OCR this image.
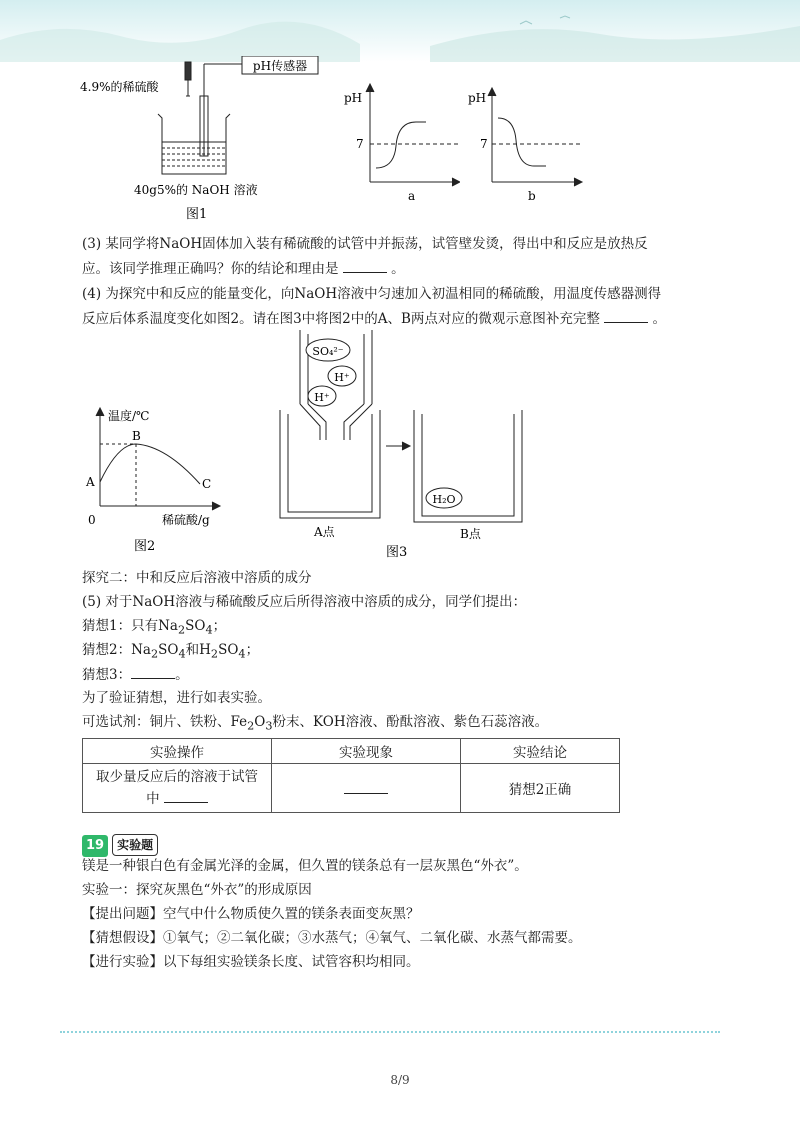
pH传感器
4.9%的稀硫酸
40g5%的 NaOH 溶液
图1
pH
7
a
pH
7
b
(3) 某同学将NaOH固体加入装有稀硫酸的试管中并振荡，试管壁发烫，得出中和反应是放热反
应。该同学推理正确吗？你的结论和理由是	。
(4) 为探究中和反应的能量变化，向NaOH溶液中匀速加入初温相同的稀硫酸，用温度传感器测得
反应后体系温度变化如图2。请在图3中将图2中的A、B两点对应的微观示意图补充完整	。
温度/℃
A
B
C
0	稀硫酸/g
图2
SO₄²⁻
H⁺
H⁺
H₂O
A点	B点
图3
探究二：中和反应后溶液中溶质的成分
(5) 对于NaOH溶液与稀硫酸反应后所得溶液中溶质的成分，同学们提出：
猜想1：只有$Na_2SO_4$；
猜想2：$Na_2SO_4$和$H_2SO_4$；
猜想3：	。
为了验证猜想，进行如表实验。
可选试剂：铜片、铁粉、$Fe_2O_3$粉末、KOH溶液、酚酞溶液、紫色石蕊溶液。
实验操作	实验现象	实验结论

取少量反应后的溶液于试管
中		猜想2正确
19 实验题
镁是一种银白色有金属光泽的金属，但久置的镁条总有一层灰黑色“外衣”。
实验一：探究灰黑色“外衣”的形成原因
【提出问题】空气中什么物质使久置的镁条表面变灰黑？
【猜想假设】①氧气；②二氧化碳；③水蒸气；④氧气、二氧化碳、水蒸气都需要。
【进行实验】以下每组实验镁条长度、试管容积均相同。
8/9
